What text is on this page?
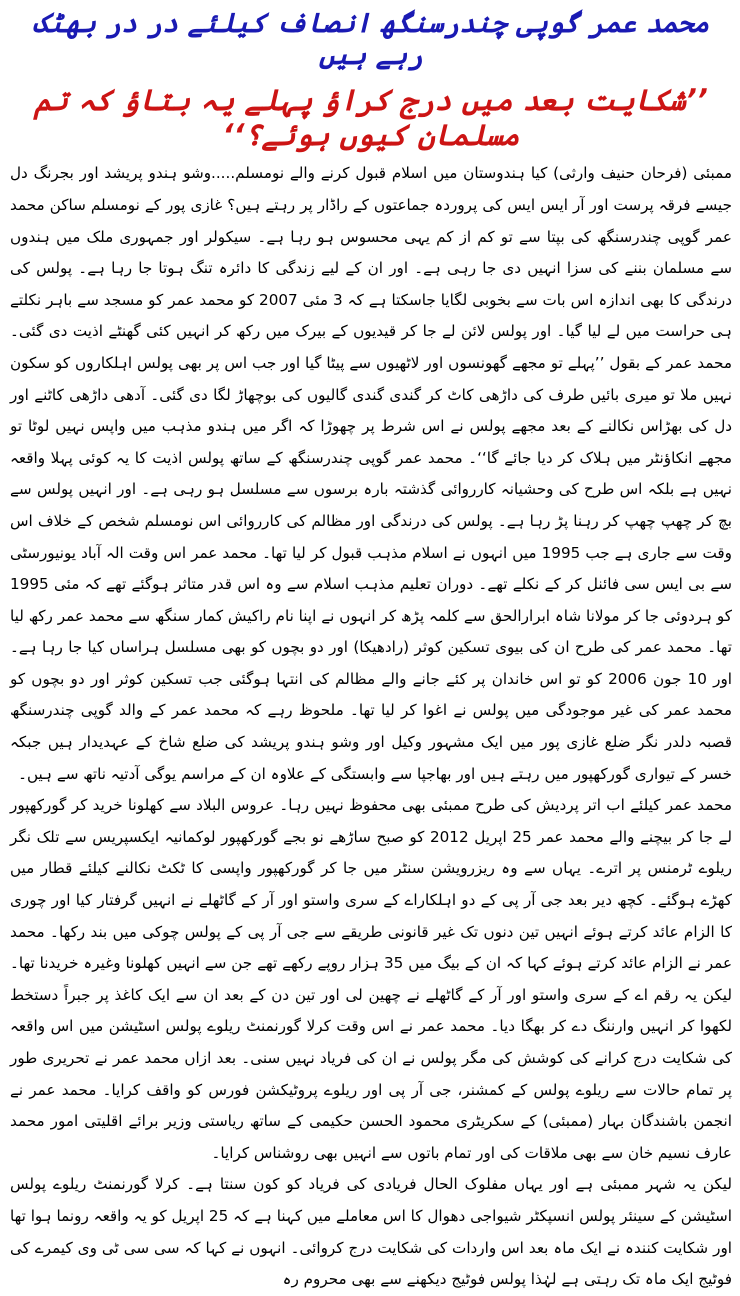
محمد عمر گوپی چندرسنگھ انصاف کیلئے در در بھٹک رہے ہیں
’’شکایت بعد میں درج کراؤ پہلے یہ بتاؤ کہ تم مسلمان کیوں ہوئے؟‘‘

ممبئی (فرحان حنیف وارثی) کیا ہندوستان میں اسلام قبول کرنے والے نومسلم.....وشو ہندو پریشد اور بجرنگ دل جیسے فرقہ پرست اور آر ایس ایس کی پروردہ جماعتوں کے راڈار پر رہتے ہیں؟ غازی پور کے نومسلم ساکن محمد عمر گوپی چندرسنگھ کی بپتا سے تو کم از کم یہی محسوس ہو رہا ہے۔ سیکولر اور جمہوری ملک میں ہندوں سے مسلمان بننے کی سزا انہیں دی جا رہی ہے۔ اور ان کے لیے زندگی کا دائرہ تنگ ہوتا جا رہا ہے۔ پولس کی درندگی کا بھی اندازہ اس بات سے بخوبی لگایا جاسکتا ہے کہ 3 مئی 2007 کو محمد عمر کو مسجد سے باہر نکلتے ہی حراست میں لے لیا گیا۔ اور پولس لائن لے جا کر قیدیوں کے بیرک میں رکھ کر انہیں کئی گھنٹے اذیت دی گئی۔ محمد عمر کے بقول ’’پہلے تو مجھے گھونسوں اور لاٹھیوں سے پیٹا گیا اور جب اس پر بھی پولس اہلکاروں کو سکون نہیں ملا تو میری بائیں طرف کی داڑھی کاٹ کر گندی گندی گالیوں کی بوچھاڑ لگا دی گئی۔ آدھی داڑھی کاٹنے اور دل کی بھڑاس نکالنے کے بعد مجھے پولس نے اس شرط پر چھوڑا کہ اگر میں ہندو مذہب میں واپس نہیں لوٹا تو مجھے انکاؤنٹر میں ہلاک کر دیا جائے گا‘‘۔ محمد عمر گوپی چندرسنگھ کے ساتھ پولس اذیت کا یہ کوئی پہلا واقعہ نہیں ہے بلکہ اس طرح کی وحشیانہ کارروائی گذشتہ بارہ برسوں سے مسلسل ہو رہی ہے۔ اور انہیں پولس سے بچ کر چھپ چھپ کر رہنا پڑ رہا ہے۔ پولس کی درندگی اور مظالم کی کارروائی اس نومسلم شخص کے خلاف اس وقت سے جاری ہے جب 1995 میں انہوں نے اسلام مذہب قبول کر لیا تھا۔ محمد عمر اس وقت الہ آباد یونیورسٹی سے بی ایس سی فائنل کر کے نکلے تھے۔ دوران تعلیم مذہب اسلام سے وہ اس قدر متاثر ہوگئے تھے کہ مئی 1995 کو ہردوئی جا کر مولانا شاہ ابرارالحق سے کلمہ پڑھ کر انہوں نے اپنا نام راکیش کمار سنگھ سے محمد عمر رکھ لیا تھا۔ محمد عمر کی طرح ان کی بیوی تسکین کوثر (رادھیکا) اور دو بچوں کو بھی مسلسل ہراساں کیا جا رہا ہے۔ اور 10 جون 2006 کو تو اس خاندان پر کئے جانے والے مظالم کی انتہا ہوگئی جب تسکین کوثر اور دو بچوں کو محمد عمر کی غیر موجودگی میں پولس نے اغوا کر لیا تھا۔ ملحوظ رہے کہ محمد عمر کے والد گوپی چندرسنگھ قصبہ دلدر نگر ضلع غازی پور میں ایک مشہور وکیل اور وشو ہندو پریشد کی ضلع شاخ کے عہدیدار ہیں جبکہ خسر کے تیواری گورکھپور میں رہتے ہیں اور بھاجپا سے وابستگی کے علاوہ ان کے مراسم یوگی آدتیہ ناتھ سے ہیں۔

محمد عمر کیلئے اب اتر پردیش کی طرح ممبئی بھی محفوظ نہیں رہا۔ عروس البلاد سے کھلونا خرید کر گورکھپور لے جا کر بیچنے والے محمد عمر 25 اپریل 2012 کو صبح ساڑھے نو بجے گورکھپور لوکمانیہ ایکسپریس سے تلک نگر ریلوے ٹرمنس پر اترے۔ یہاں سے وہ ریزرویشن سنٹر میں جا کر گورکھپور واپسی کا ٹکٹ نکالنے کیلئے قطار میں کھڑے ہوگئے۔ کچھ دیر بعد جی آر پی کے دو اہلکاراے کے سری واستو اور آر کے گاٹھلے نے انہیں گرفتار کیا اور چوری کا الزام عائد کرتے ہوئے انہیں تین دنوں تک غیر قانونی طریقے سے جی آر پی کے پولس چوکی میں بند رکھا۔ محمد عمر نے الزام عائد کرتے ہوئے کہا کہ ان کے بیگ میں 35 ہزار روپے رکھے تھے جن سے انہیں کھلونا وغیرہ خریدنا تھا۔ لیکن یہ رقم اے کے سری واستو اور آر کے گاٹھلے نے چھین لی اور تین دن کے بعد ان سے ایک کاغذ پر جبراً دستخط لکھوا کر انہیں وارننگ دے کر بھگا دیا۔ محمد عمر نے اس وقت کرلا گورنمنٹ ریلوے پولس اسٹیشن میں اس واقعہ کی شکایت درج کرانے کی کوشش کی مگر پولس نے ان کی فریاد نہیں سنی۔ بعد ازاں محمد عمر نے تحریری طور پر تمام حالات سے ریلوے پولس کے کمشنر، جی آر پی اور ریلوے پروٹیکشن فورس کو واقف کرایا۔ محمد عمر نے انجمن باشندگان بہار (ممبئی) کے سکریٹری محمود الحسن حکیمی کے ساتھ ریاستی وزیر برائے اقلیتی امور محمد عارف نسیم خان سے بھی ملاقات کی اور تمام باتوں سے انہیں بھی روشناس کرایا۔

لیکن یہ شہر ممبئی ہے اور یہاں مفلوک الحال فریادی کی فریاد کو کون سنتا ہے۔ کرلا گورنمنٹ ریلوے پولس اسٹیشن کے سینئر پولس انسپکٹر شیواجی دھوال کا اس معاملے میں کہنا ہے کہ 25 اپریل کو یہ واقعہ رونما ہوا تھا اور شکایت کنندہ نے ایک ماہ بعد اس واردات کی شکایت درج کروائی۔ انہوں نے کہا کہ سی سی ٹی وی کیمرے کی فوٹیج ایک ماہ تک رہتی ہے لہٰذا پولس فوٹیج دیکھنے سے بھی محروم رہ
